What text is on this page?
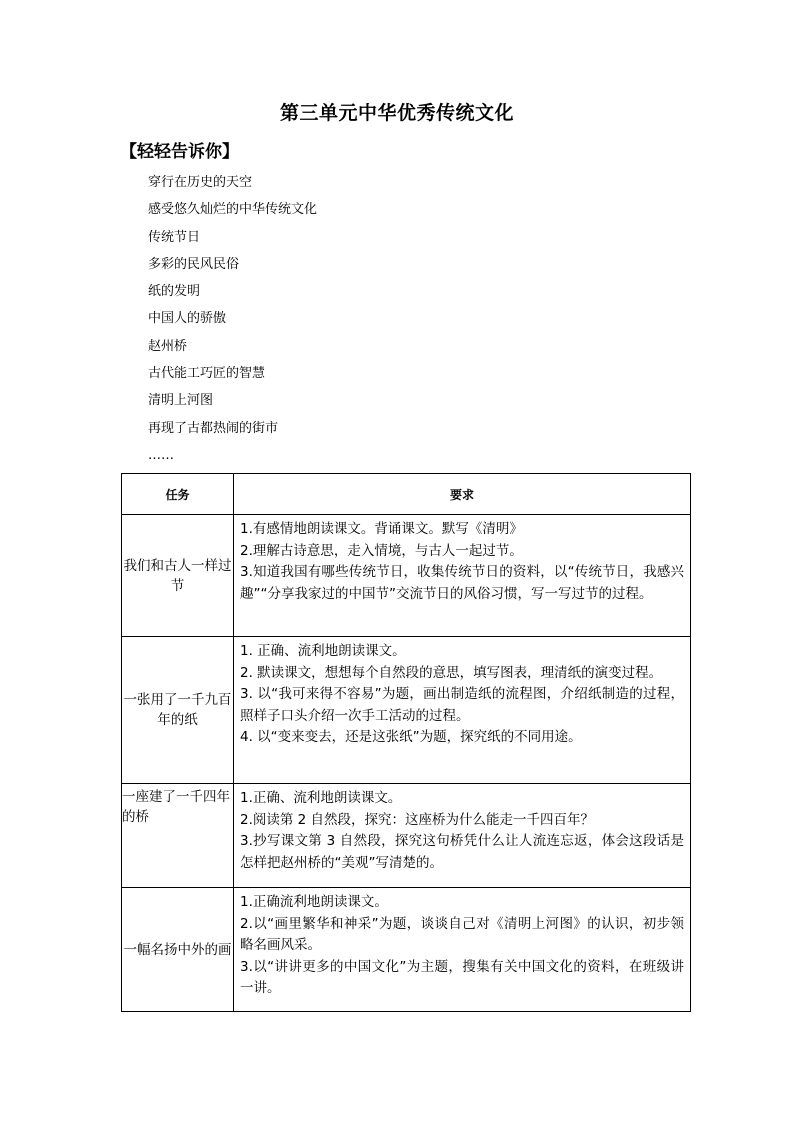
第三单元中华优秀传统文化
【轻轻告诉你】
穿行在历史的天空
感受悠久灿烂的中华传统文化
传统节日
多彩的民风民俗
纸的发明
中国人的骄傲
赵州桥
古代能工巧匠的智慧
清明上河图
再现了古都热闹的街市
……
任务	要求
我们和古人一样过节	1.有感情地朗读课文。背诵课文。默写《清明》
2.理解古诗意思，走入情境，与古人一起过节。
3.知道我国有哪些传统节日，收集传统节日的资料，以“传统节日，我感兴趣”“分享我家过的中国节”交流节日的风俗习惯，写一写过节的过程。

一张用了一千九百年的纸	1. 正确、流利地朗读课文。
2. 默读课文，想想每个自然段的意思，填写图表，理清纸的演变过程。
3. 以“我可来得不容易”为题，画出制造纸的流程图，介绍纸制造的过程，照样子口头介绍一次手工活动的过程。
4. 以“变来变去，还是这张纸”为题，探究纸的不同用途。

一座建了一千四年的桥	1.正确、流利地朗读课文。
2.阅读第 2 自然段，探究：这座桥为什么能走一千四百年？
3.抄写课文第 3 自然段，探究这句桥凭什么让人流连忘返，体会这段话是怎样把赵州桥的“美观”写清楚的。

一幅名扬中外的画	1.正确流利地朗读课文。
2.以“画里繁华和神采”为题，谈谈自己对《清明上河图》的认识，初步领略名画风采。
3.以“讲讲更多的中国文化”为主题，搜集有关中国文化的资料，在班级讲一讲。
